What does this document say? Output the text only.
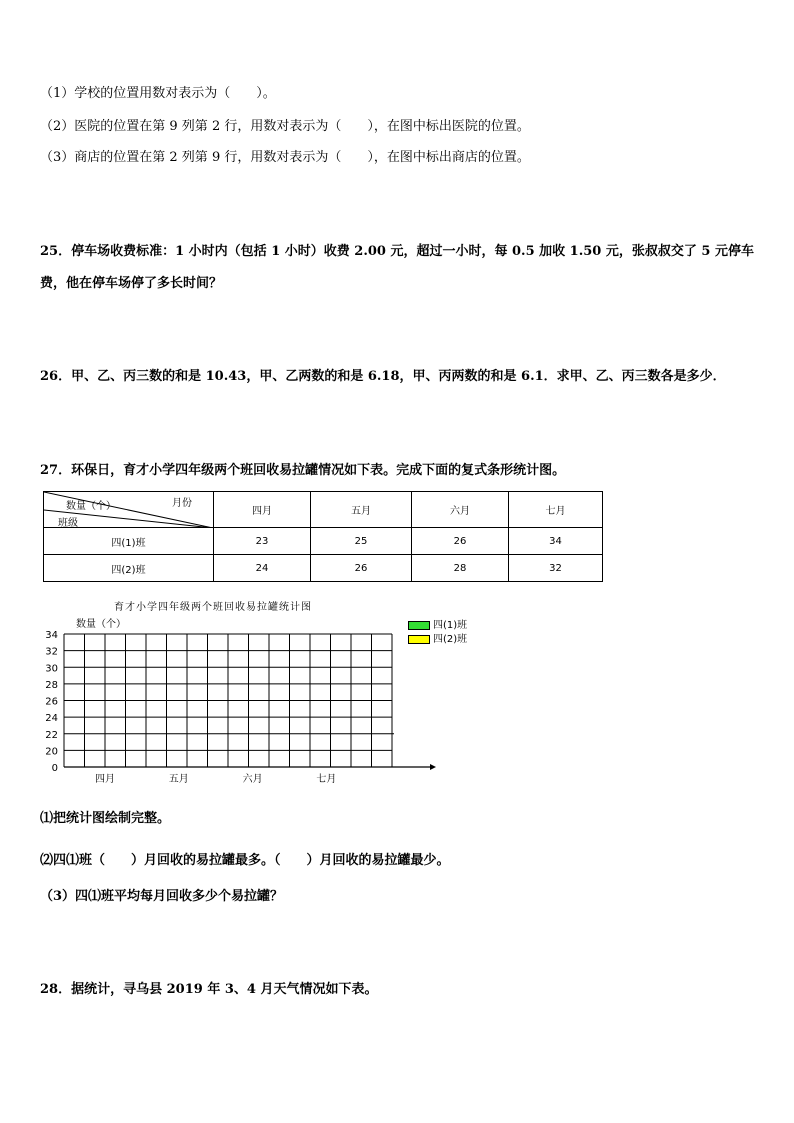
（1）学校的位置用数对表示为（　　）。
（2）医院的位置在第 9 列第 2 行，用数对表示为（　　），在图中标出医院的位置。
（3）商店的位置在第 2 列第 9 行，用数对表示为（　　），在图中标出商店的位置。
25．停车场收费标准：1 小时内（包括 1 小时）收费 2.00 元，超过一小时，每 0.5 加收 1.50 元，张叔叔交了 5 元停车
费，他在停车场停了多长时间？
26．甲、乙、丙三数的和是 10.43，甲、乙两数的和是 6.18，甲、丙两数的和是 6.1．求甲、乙、丙三数各是多少．
27．环保日，育才小学四年级两个班回收易拉罐情况如下表。完成下面的复式条形统计图。
数量（个） 月份
班级	四月	五月	六月	七月
四(1)班	23	25	26	34
四(2)班	24	26	28	32
育才小学四年级两个班回收易拉罐统计图
四(1)班
四(2)班
0
20
22
24
26
28
30
32
34
数量（个）
四月	五月	六月	七月
⑴把统计图绘制完整。
⑵四⑴班（　　）月回收的易拉罐最多。（　　）月回收的易拉罐最少。
（3）四⑴班平均每月回收多少个易拉罐？
28．据统计，寻乌县 2019 年 3、4 月天气情况如下表。
